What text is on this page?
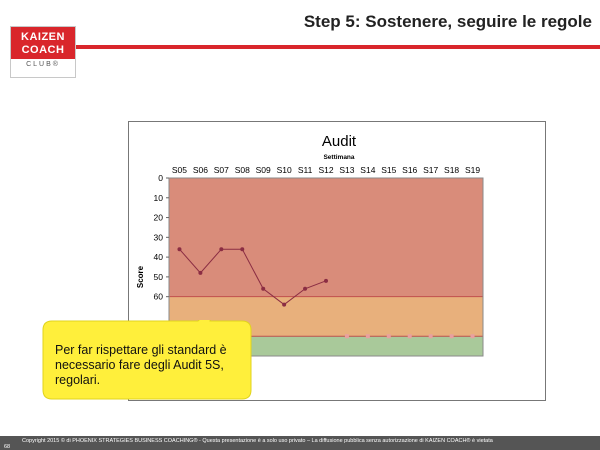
KAIZEN
COACH
CLUB®
Step 5: Sostenere, seguire le regole
Audit
Settimana
Score
S05 S06 S07 S08 S09 S10 S11 S12 S13 S14 S15 S16 S17 S18 S19
0
10
20
30
40
50
60
Per far rispettare gli standard è necessario fare degli Audit 5S, regolari.
Copyright 2015 © di PHOENIX STRATEGIES BUSINESS COACHING® - Questa presentazione è a solo uso privato – La diffusione pubblica senza autorizzazione di KAIZEN COACH® è vietata
68
